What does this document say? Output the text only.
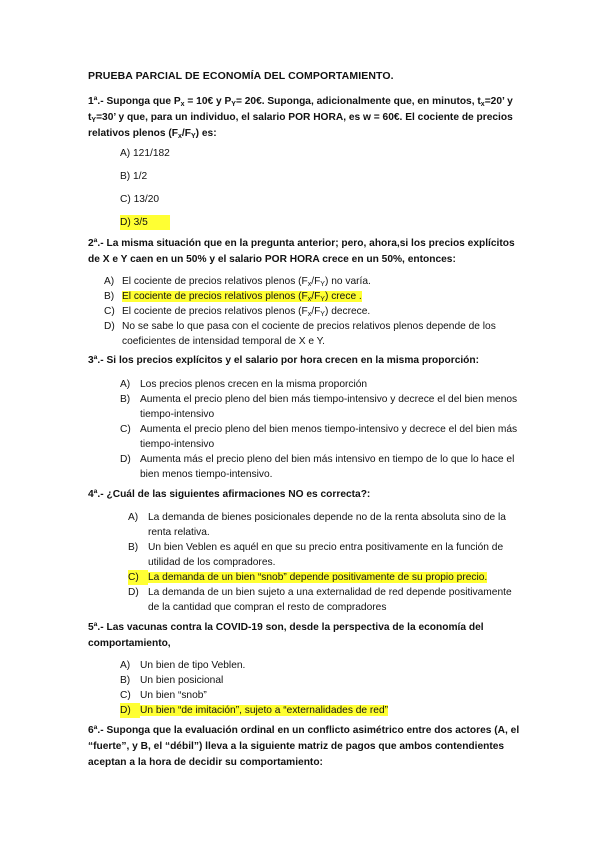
PRUEBA PARCIAL DE ECONOMÍA DEL COMPORTAMIENTO.
1ª.- Suponga que $P_x$ = 10€ y $P_Y=$ 20€. Suponga, adicionalmente que, en minutos, $t_x=20$’ y
$t_Y=30$’ y que, para un individuo, el salario POR HORA, es w = 60€. El cociente de precios
relativos plenos $(F_x/F_Y)$ es:
A) 121/182
B) 1/2
C) 13/20
D) 3/5
2ª.- La misma situación que en la pregunta anterior; pero, ahora,si los precios explícitos de X e Y caen en un 50% y el salario POR HORA crece en un 50%, entonces:
A) El cociente de precios relativos plenos $(F_x/F_Y)$ no varía.
B) El cociente de precios relativos plenos $(F_x/F_Y)$ crece .
C) El cociente de precios relativos plenos $(F_x/F_Y)$ decrece.
D) No se sabe lo que pasa con el cociente de precios relativos plenos depende de los coeficientes de intensidad temporal de X e Y.
3ª.- Si los precios explícitos y el salario por hora crecen en la misma proporción:
A) Los precios plenos crecen en la misma proporción
B) Aumenta el precio pleno del bien más tiempo-intensivo y decrece el del bien menos tiempo-intensivo
C) Aumenta el precio pleno del bien menos tiempo-intensivo y decrece el del bien más tiempo-intensivo
D) Aumenta más el precio pleno del bien más intensivo en tiempo de lo que lo hace el bien menos tiempo-intensivo.
4ª.- ¿Cuál de las siguientes afirmaciones NO es correcta?:
A) La demanda de bienes posicionales depende no de la renta absoluta sino de la renta relativa.
B) Un bien Veblen es aquél en que su precio entra positivamente en la función de utilidad de los compradores.
C) La demanda de un bien “snob” depende positivamente de su propio precio.
D) La demanda de un bien sujeto a una externalidad de red depende positivamente de la cantidad que compran el resto de compradores
5ª.- Las vacunas contra la COVID-19 son, desde la perspectiva de la economía del comportamiento,
A) Un bien de tipo Veblen.
B) Un bien posicional
C) Un bien “snob”
D) Un bien “de imitación”, sujeto a “externalidades de red”
6ª.- Suponga que la evaluación ordinal en un conflicto asimétrico entre dos actores (A, el “fuerte”, y B, el “débil”) lleva a la siguiente matriz de pagos que ambos contendientes aceptan a la hora de decidir su comportamiento:
